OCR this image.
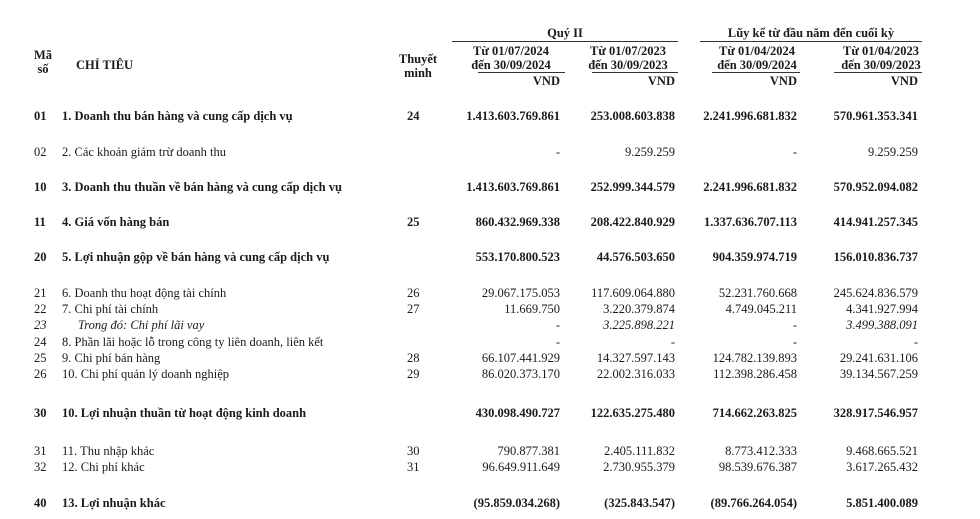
Mã
số	CHỈ TIÊU	Thuyết
minh
Quý II	Lũy kế từ đầu năm đến cuối kỳ
Từ 01/07/2024
đến 30/09/2024
VND
Từ 01/07/2023
đến 30/09/2023
VND
Từ 01/04/2024
đến 30/09/2024
VND
Từ 01/04/2023
đến 30/09/2023
VND
01	1. Doanh thu bán hàng và cung cấp dịch vụ	24	1.413.603.769.861	253.008.603.838	2.241.996.681.832	570.961.353.341
02	2. Các khoản giảm trừ doanh thu	-	9.259.259	-	9.259.259
10	3. Doanh thu thuần về bán hàng và cung cấp dịch vụ	1.413.603.769.861	252.999.344.579	2.241.996.681.832	570.952.094.082
11	4. Giá vốn hàng bán	25	860.432.969.338	208.422.840.929	1.337.636.707.113	414.941.257.345
20	5. Lợi nhuận gộp về bán hàng và cung cấp dịch vụ	553.170.800.523	44.576.503.650	904.359.974.719	156.010.836.737
21	6. Doanh thu hoạt động tài chính	26	29.067.175.053	117.609.064.880	52.231.760.668	245.624.836.579
22	7. Chi phí tài chính	27	11.669.750	3.220.379.874	4.749.045.211	4.341.927.994
23	Trong đó: Chi phí lãi vay	-	3.225.898.221	-	3.499.388.091
24	8. Phần lãi hoặc lỗ trong công ty liên doanh, liên kết	-	-	-	-
25	9. Chi phí bán hàng	28	66.107.441.929	14.327.597.143	124.782.139.893	29.241.631.106
26	10. Chi phí quản lý doanh nghiệp	29	86.020.373.170	22.002.316.033	112.398.286.458	39.134.567.259
30	10. Lợi nhuận thuần từ hoạt động kinh doanh	430.098.490.727	122.635.275.480	714.662.263.825	328.917.546.957
31	11. Thu nhập khác	30	790.877.381	2.405.111.832	8.773.412.333	9.468.665.521
32	12. Chi phí khác	31	96.649.911.649	2.730.955.379	98.539.676.387	3.617.265.432
40	13. Lợi nhuận khác	(95.859.034.268)	(325.843.547)	(89.766.264.054)	5.851.400.089
